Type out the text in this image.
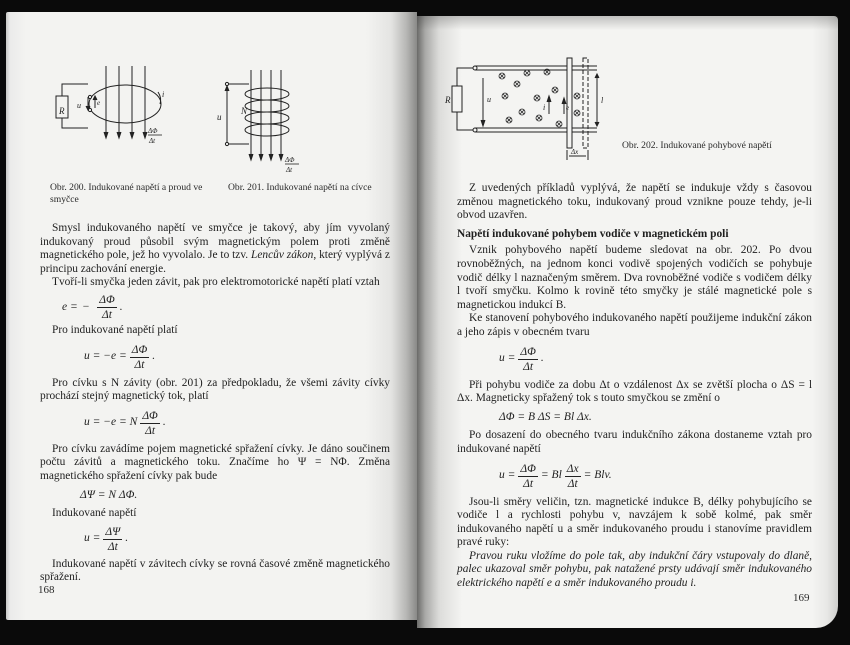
R
u e
i
ΔΦ
Δt
Obr. 200. Indukované napětí a proud ve smyčce
u
N
ΔΦ
Δt
Obr. 201. Indukované napětí na cívce

Smysl indukovaného napětí ve smyčce je takový, aby jím vyvolaný indukovaný proud působil svým magnetickým polem proti změně magnetického pole, jež ho vyvolalo. Je to tzv. Lencův zákon, který vyplývá z principu zachování energie.

Tvoří-li smyčka jeden závit, pak pro elektromotorické napětí platí vztah

e = − $\frac{\Delta\Phi}{\Delta t}$ .

Pro indukované napětí platí

$u = -e = \frac{\Delta\Phi}{\Delta t}$ .

Pro cívku s N závity (obr. 201) za předpokladu, že všemi závity cívky prochází stejný magnetický tok, platí

u = −e = N $\frac{\Delta\Phi}{\Delta t}$ .

Pro cívku zavádíme pojem magnetické spřažení cívky. Je dáno součinem počtu závitů a magnetického toku. Značíme ho Ψ = NΦ. Změna magnetického spřažení cívky pak bude

ΔΨ = N ΔΦ.

Indukované napětí

$u = \frac{\Delta\Psi}{\Delta t}$ .

Indukované napětí v závitech cívky se rovná časové změně magnetického spřažení.

168
R	u
i	e
l
Δx
Obr. 202. Indukované pohybové napětí

Z uvedených příkladů vyplývá, že napětí se indukuje vždy s časovou změnou magnetického toku, indukovaný proud vznikne pouze tehdy, je-li obvod uzavřen.

Napětí indukované pohybem vodiče v magnetickém poli

Vznik pohybového napětí budeme sledovat na obr. 202. Po dvou rovnoběžných, na jednom konci vodivě spojených vodičích se pohybuje vodič délky l naznačeným směrem. Dva rovnoběžné vodiče s vodičem délky l tvoří smyčku. Kolmo k rovině této smyčky je stálé magnetické pole s magnetickou indukcí B.

Ke stanovení pohybového indukovaného napětí použijeme indukční zákon a jeho zápis v obecném tvaru

$u = \frac{\Delta\Phi}{\Delta t}$ .

Při pohybu vodiče za dobu Δt o vzdálenost Δx se zvětší plocha o ΔS = l Δx. Magneticky spřažený tok s touto smyčkou se změní o

ΔΦ = B ΔS = Bl Δx.

Po dosazení do obecného tvaru indukčního zákona dostaneme vztah pro indukované napětí

$u = \frac{\Delta\Phi}{\Delta t} = Bl \frac{\Delta x}{\Delta t}$ = Blv.

Jsou-li směry veličin, tzn. magnetické indukce B, délky pohybujícího se vodiče l a rychlosti pohybu v, navzájem k sobě kolmé, pak směr indukovaného napětí u a směr indukovaného proudu i stanovíme pravidlem pravé ruky:

Pravou ruku vložíme do pole tak, aby indukční čáry vstupovaly do dlaně, palec ukazoval směr pohybu, pak natažené prsty udávají směr indukovaného elektrického napětí e a směr indukovaného proudu i.

169
